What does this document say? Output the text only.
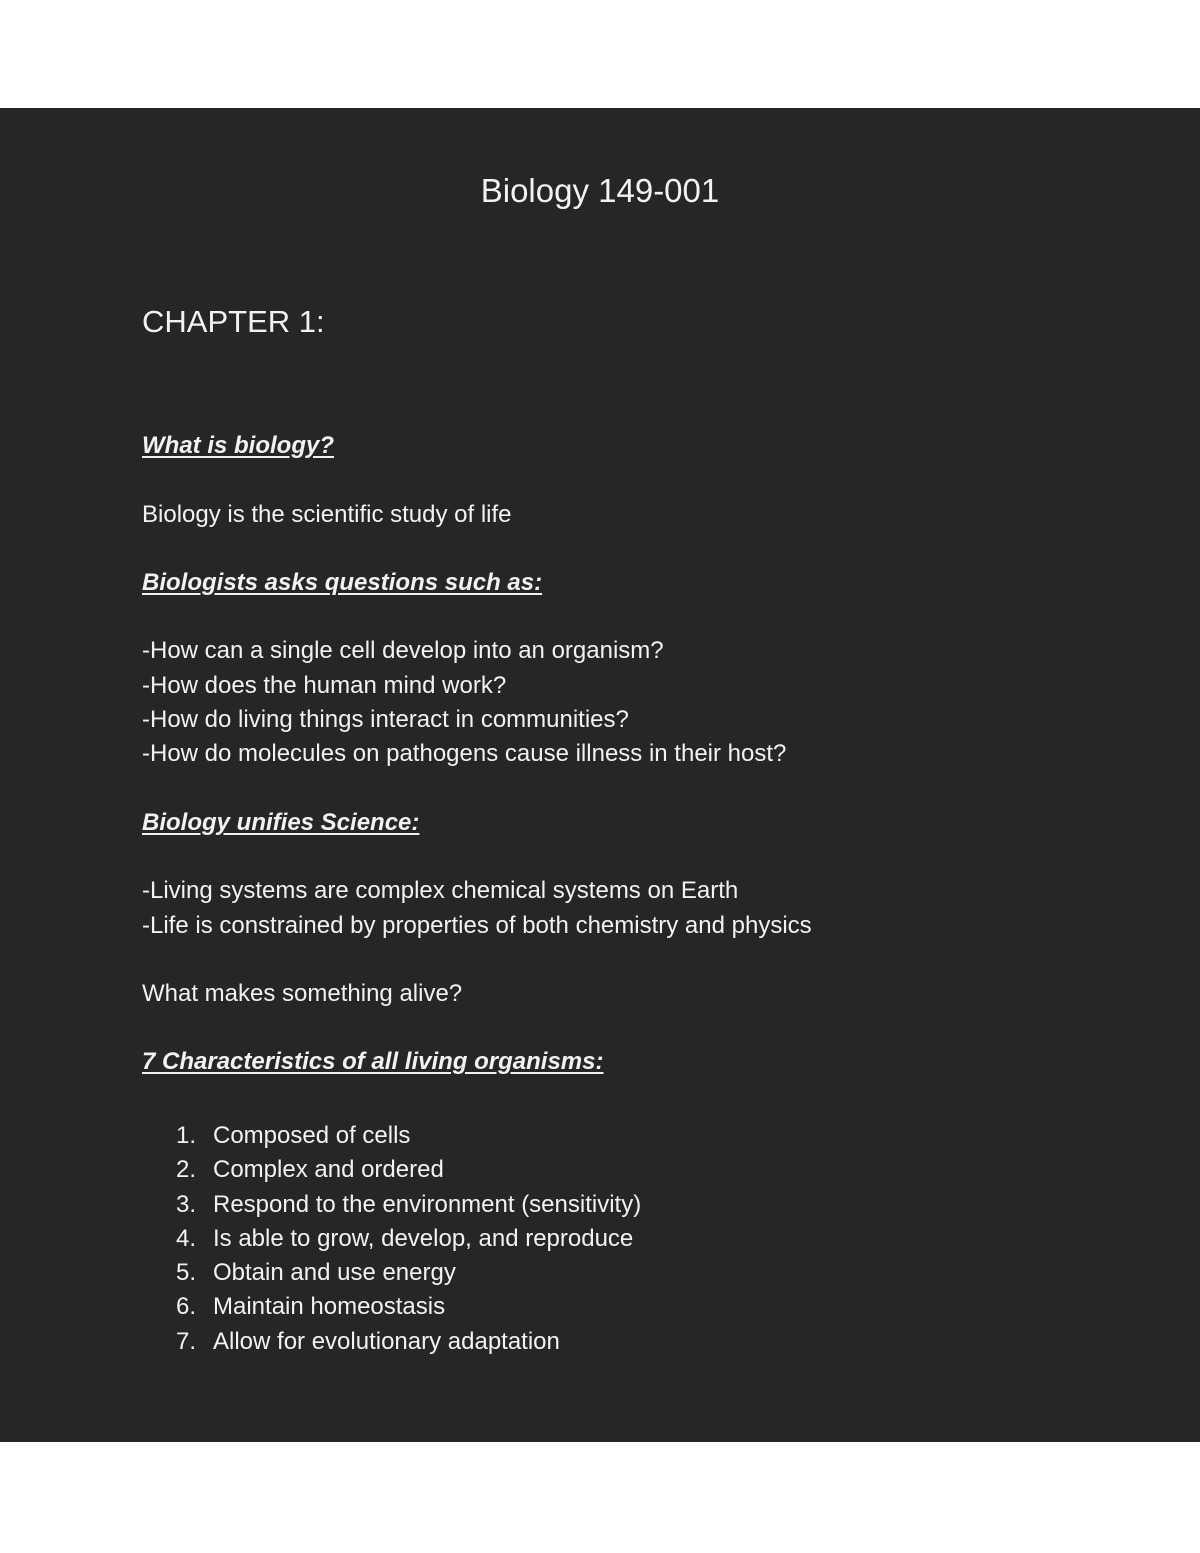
Biology 149-001

CHAPTER 1:

What is biology?

Biology is the scientific study of life

Biologists asks questions such as:

-How can a single cell develop into an organism?

-How does the human mind work?

-How do living things interact in communities?

-How do molecules on pathogens cause illness in their host?

Biology unifies Science:

-Living systems are complex chemical systems on Earth

-Life is constrained by properties of both chemistry and physics

What makes something alive?

7 Characteristics of all living organisms:

1. Composed of cells
2. Complex and ordered
3. Respond to the environment (sensitivity)
4. Is able to grow, develop, and reproduce
5. Obtain and use energy
6. Maintain homeostasis
7. Allow for evolutionary adaptation
